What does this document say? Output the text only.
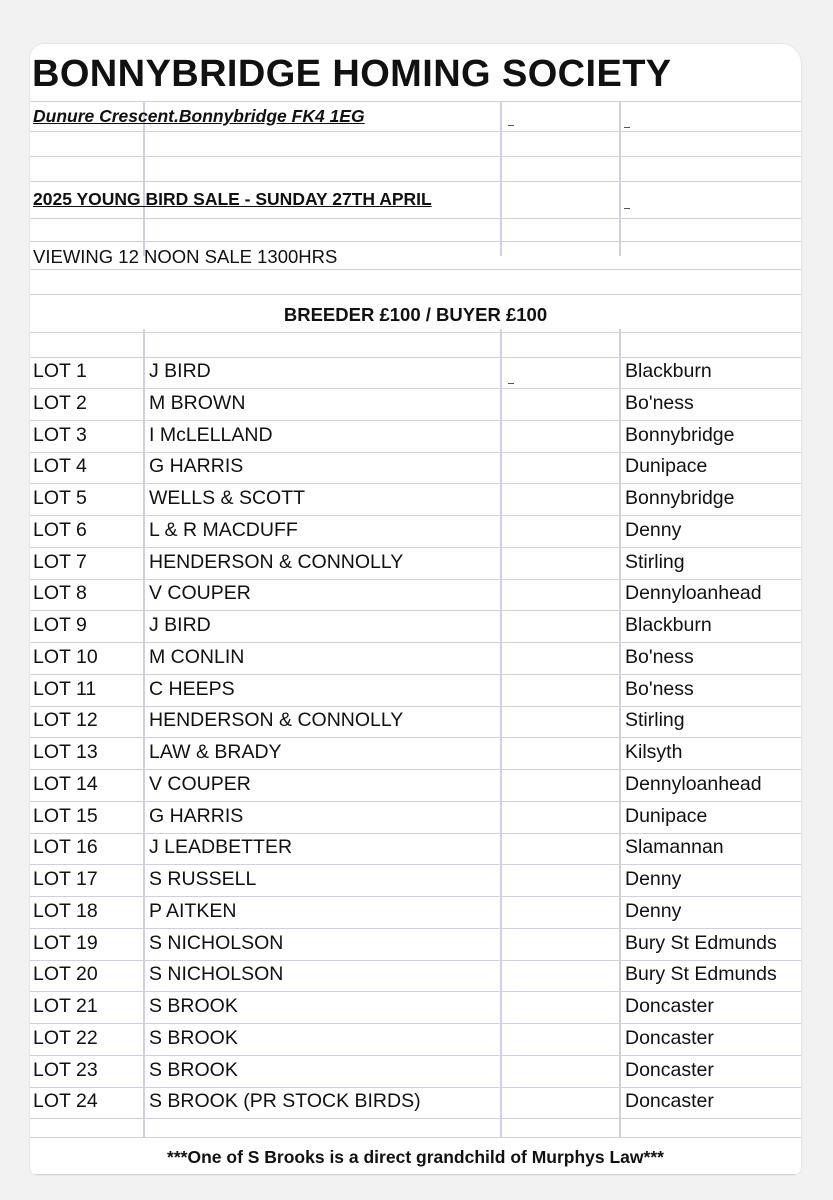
BONNYBRIDGE HOMING SOCIETY
Dunure Crescent.Bonnybridge FK4 1EG
2025 YOUNG BIRD SALE - SUNDAY 27TH APRIL
VIEWING 12 NOON SALE 1300HRS
BREEDER £100 / BUYER £100
LOT 1	J BIRD	Blackburn
LOT 2	M BROWN	Bo'ness
LOT 3	I McLELLAND	Bonnybridge
LOT 4	G HARRIS	Dunipace
LOT 5	WELLS & SCOTT	Bonnybridge
LOT 6	L & R MACDUFF	Denny
LOT 7	HENDERSON & CONNOLLY	Stirling
LOT 8	V COUPER	Dennyloanhead
LOT 9	J BIRD	Blackburn
LOT 10	M CONLIN	Bo'ness
LOT 11	C HEEPS	Bo'ness
LOT 12	HENDERSON & CONNOLLY	Stirling
LOT 13	LAW & BRADY	Kilsyth
LOT 14	V COUPER	Dennyloanhead
LOT 15	G HARRIS	Dunipace
LOT 16	J LEADBETTER	Slamannan
LOT 17	S RUSSELL	Denny
LOT 18	P AITKEN	Denny
LOT 19	S NICHOLSON	Bury St Edmunds
LOT 20	S NICHOLSON	Bury St Edmunds
LOT 21	S BROOK	Doncaster
LOT 22	S BROOK	Doncaster
LOT 23	S BROOK	Doncaster
LOT 24	S BROOK (PR STOCK BIRDS)	Doncaster
***One of S Brooks is a direct grandchild of Murphys Law***
